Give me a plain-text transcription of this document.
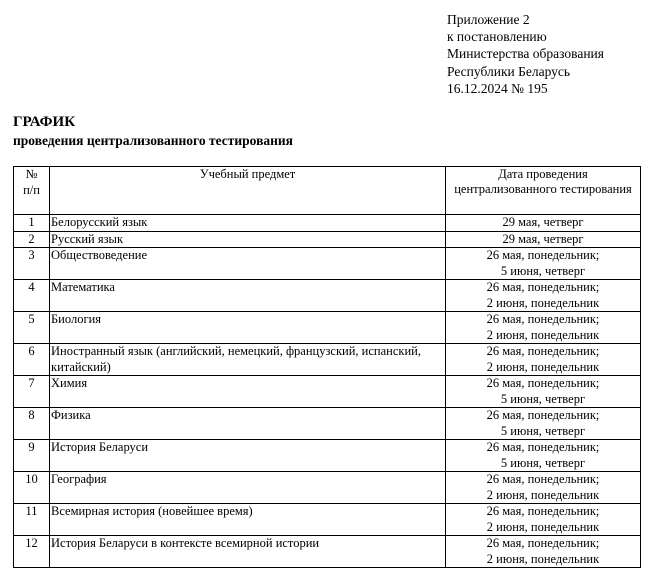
Приложение 2
к постановлению
Министерства образования
Республики Беларусь
16.12.2024 № 195
ГРАФИК
проведения централизованного тестирования
№
п/п	Учебный предмет	Дата проведения централизованного тестирования
1	Белорусский язык	29 мая, четверг

2	Русский язык	29 мая, четверг

3	Обществоведение	26 мая, понедельник;
5 июня, четверг

4	Математика	26 мая, понедельник;
2 июня, понедельник

5	Биология	26 мая, понедельник;
2 июня, понедельник

6	Иностранный язык (английский, немецкий, французский, испанский, китайский)	26 мая, понедельник;
2 июня, понедельник

7	Химия	26 мая, понедельник;
5 июня, четверг

8	Физика	26 мая, понедельник;
5 июня, четверг

9	История Беларуси	26 мая, понедельник;
5 июня, четверг

10	География	26 мая, понедельник;
2 июня, понедельник

11	Всемирная история (новейшее время)	26 мая, понедельник;
2 июня, понедельник

12	История Беларуси в контексте всемирной истории	26 мая, понедельник;
2 июня, понедельник
